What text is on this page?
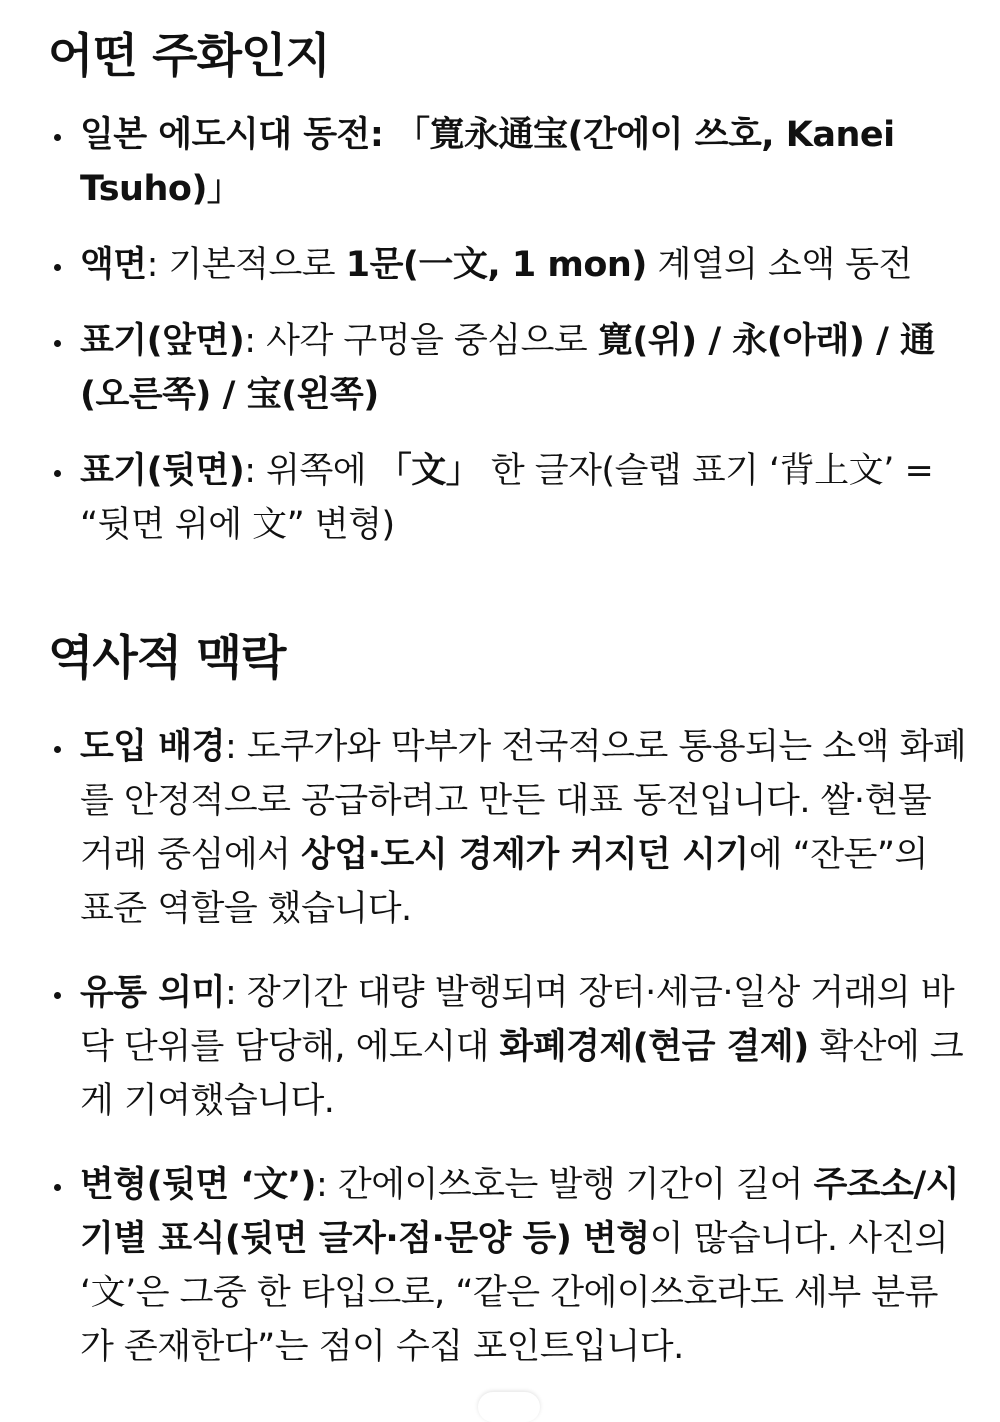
어떤 주화인지
일본 에도시대 동전: 「寛永通宝(간에이 쓰호, Kanei Tsuho)」
액면: 기본적으로 1문(一文, 1 mon) 계열의 소액 동전
표기(앞면): 사각 구멍을 중심으로 寛(위) / 永(아래) / 通(오른쪽) / 宝(왼쪽)
표기(뒷면): 위쪽에 「文」 한 글자(슬랩 표기 ‘背上文’ = “뒷면 위에 文” 변형)
역사적 맥락
도입 배경: 도쿠가와 막부가 전국적으로 통용되는 소액 화폐를 안정적으로 공급하려고 만든 대표 동전입니다. 쌀·현물 거래 중심에서 상업·도시 경제가 커지던 시기에 “잔돈”의 표준 역할을 했습니다.
유통 의미: 장기간 대량 발행되며 장터·세금·일상 거래의 바닥 단위를 담당해, 에도시대 화폐경제(현금 결제) 확산에 크게 기여했습니다.
변형(뒷면 ‘文’): 간에이쓰호는 발행 기간이 길어 주조소/시기별 표식(뒷면 글자·점·문양 등) 변형이 많습니다. 사진의 ‘文’은 그중 한 타입으로, “같은 간에이쓰호라도 세부 분류가 존재한다”는 점이 수집 포인트입니다.
